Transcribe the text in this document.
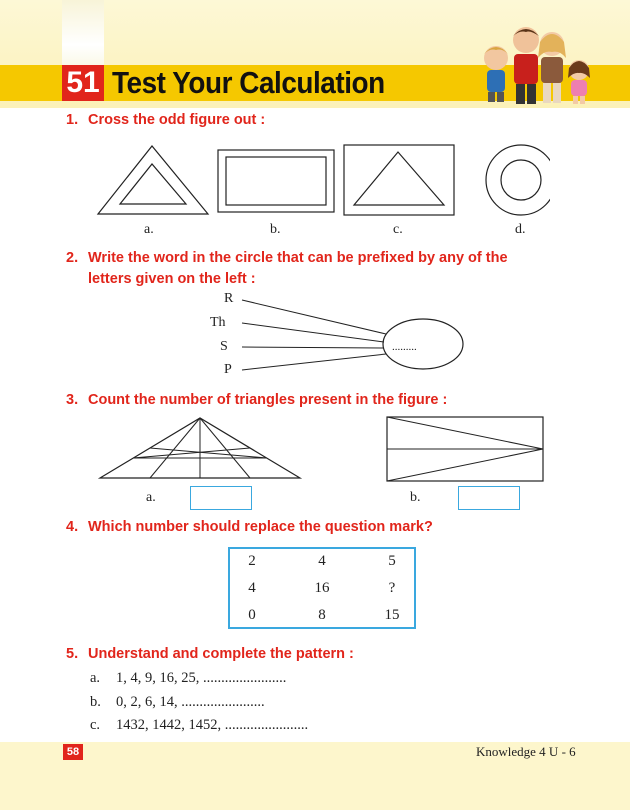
51 Test Your Calculation
1. Cross the odd figure out :
a.	b.	c.	d.
2. Write the word in the circle that can be prefixed by any of the
letters given on the left :
R
Th
S
P
.........
3. Count the number of triangles present in the figure :
a.	b.
4. Which number should replace the question mark?
2	4	5
4	16	?
0	8	15
5. Understand and complete the pattern :
a. 1, 4, 9, 16, 25, .......................
b. 0, 2, 6, 14, .......................
c. 1432, 1442, 1452, .......................
58	Knowledge 4 U - 6
